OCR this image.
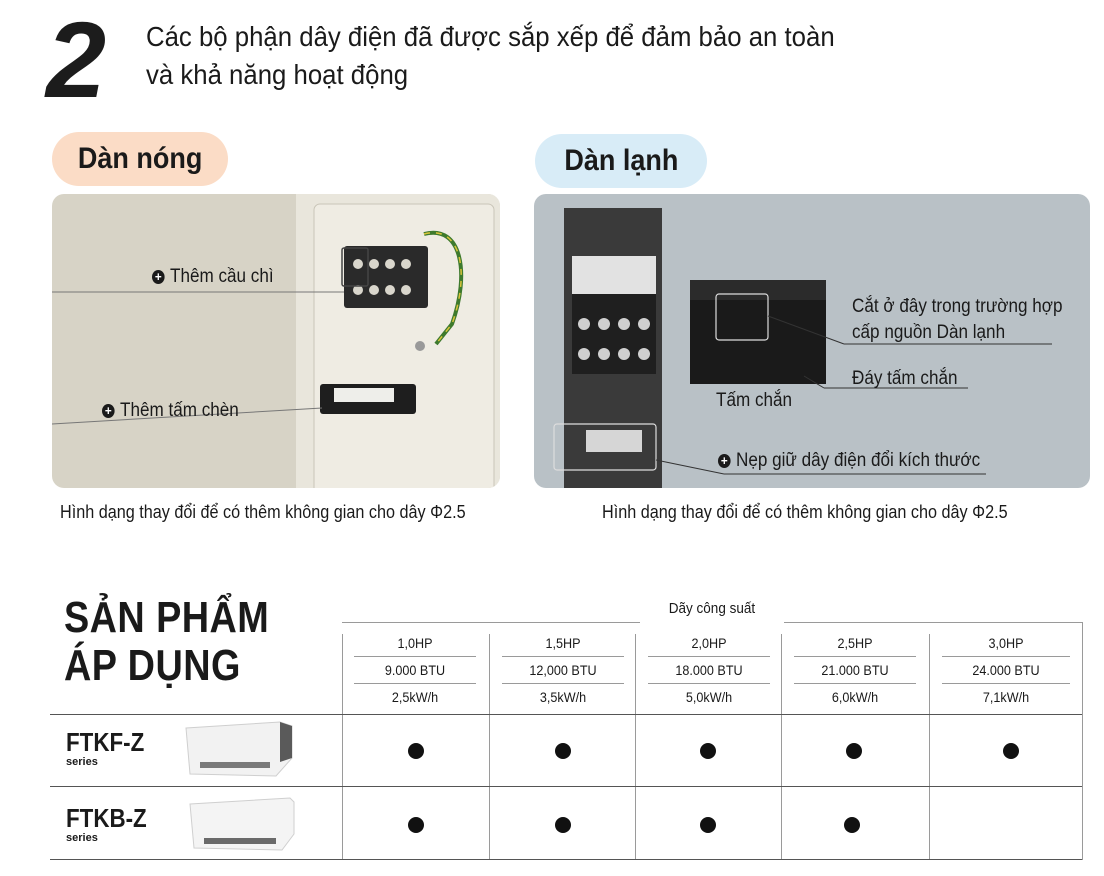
2 Các bộ phận dây điện đã được sắp xếp để đảm bảo an toàn
và khả năng hoạt động
Dàn nóng
+ Thêm cầu chì
+ Thêm tấm chèn
Hình dạng thay đổi để có thêm không gian cho dây Φ2.5
Dàn lạnh
Cắt ở đây trong trường hợp
cấp nguồn Dàn lạnh
Đáy tấm chắn
Tấm chắn
+ Nẹp giữ dây điện đổi kích thước
Hình dạng thay đổi để có thêm không gian cho dây Φ2.5
SẢN PHẨM
ÁP DỤNG
Dãy công suất
1,0HP
9.000 BTU
2,5kW/h
1,5HP
12,000 BTU
3,5kW/h
2,0HP
18.000 BTU
5,0kW/h
2,5HP
21.000 BTU
6,0kW/h
3,0HP
24.000 BTU
7,1kW/h
FTKF-Z
series
FTKB-Z
series
